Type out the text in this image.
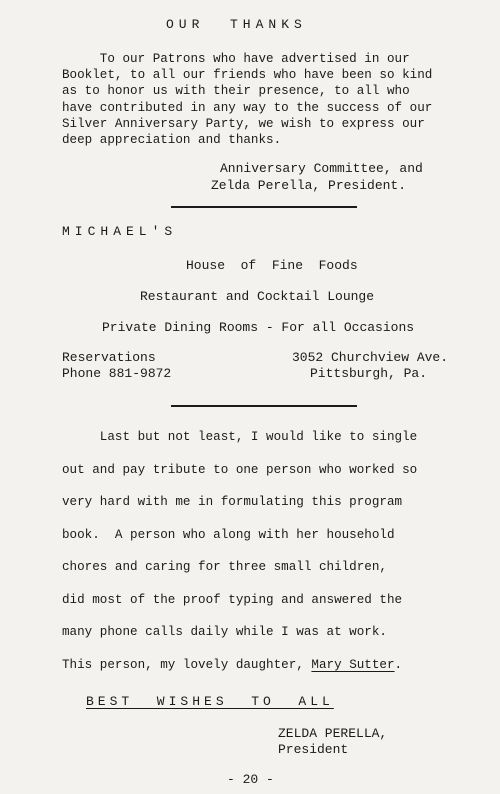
OUR  THANKS
To our Patrons who have advertised in our
Booklet, to all our friends who have been so kind
as to honor us with their presence, to all who
have contributed in any way to the success of our
Silver Anniversary Party, we wish to express our
deep appreciation and thanks.
Anniversary Committee, and
Zelda Perella, President.
MICHAEL'S
House  of  Fine  Foods
Restaurant and Cocktail Lounge
Private Dining Rooms - For all Occasions
Reservations
Phone 881-9872
3052 Churchview Ave.
Pittsburgh, Pa.
Last but not least, I would like to single
out and pay tribute to one person who worked so
very hard with me in formulating this program
book.  A person who along with her household
chores and caring for three small children,
did most of the proof typing and answered the
many phone calls daily while I was at work.
This person, my lovely daughter, Mary Sutter.
BEST  WISHES  TO  ALL
ZELDA PERELLA,
President
- 20 -
